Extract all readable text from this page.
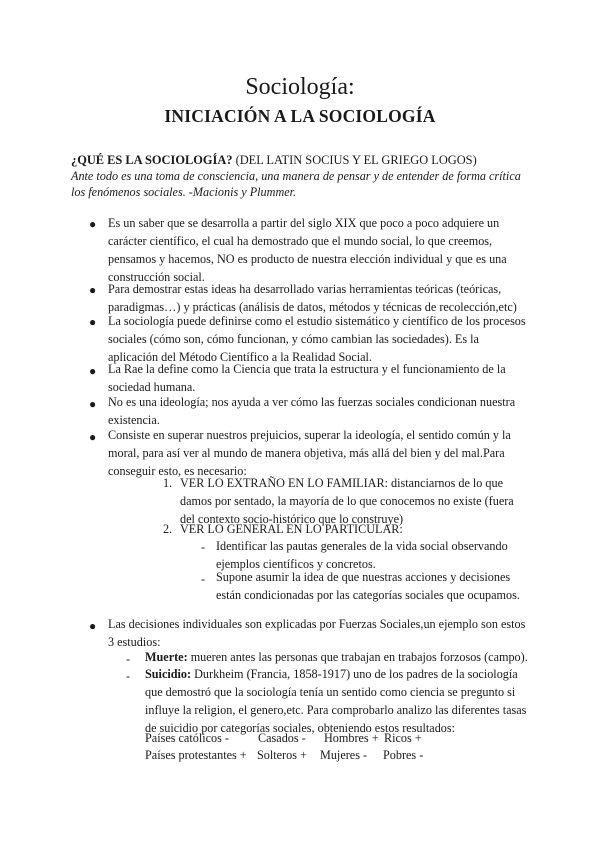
Sociología:
INICIACIÓN A LA SOCIOLOGÍA
¿QUÉ ES LA SOCIOLOGÍA? (DEL LATIN SOCIUS Y EL GRIEGO LOGOS)
Ante todo es una toma de consciencia, una manera de pensar y de entender de forma crítica
los fenómenos sociales. -Macionis y Plummer.
● Es un saber que se desarrolla a partir del siglo XIX que poco a poco adquiere un
carácter científico, el cual ha demostrado que el mundo social, lo que creemos,
pensamos y hacemos, NO es producto de nuestra elección individual y que es una
construcción social.
● Para demostrar estas ideas ha desarrollado varias herramientas teóricas (teóricas,
paradigmas…) y prácticas (análisis de datos, métodos y técnicas de recolección,etc)
● La sociología puede definirse como el estudio sistemático y científico de los procesos
sociales (cómo son, cómo funcionan, y cómo cambian las sociedades). Es la
aplicación del Método Científico a la Realidad Social.
● La Rae la define como la Ciencia que trata la estructura y el funcionamiento de la
sociedad humana.
● No es una ideología; nos ayuda a ver cómo las fuerzas sociales condicionan nuestra
existencia.
● Consiste en superar nuestros prejuicios, superar la ideología, el sentido común y la
moral, para así ver al mundo de manera objetiva, más allá del bien y del mal.Para
conseguir esto, es necesario:
1. VER LO EXTRAÑO EN LO FAMILIAR: distanciarnos de lo que
damos por sentado, la mayoría de lo que conocemos no existe (fuera
del contexto socio-histórico que lo construye)
2. VER LO GENERAL EN LO PARTICULAR:
- Identificar las pautas generales de la vida social observando
ejemplos científicos y concretos.
- Supone asumir la idea de que nuestras acciones y decisiones
están condicionadas por las categorías sociales que ocupamos.
● Las decisiones individuales son explicadas por Fuerzas Sociales,un ejemplo son estos
3 estudios:
- Muerte: mueren antes las personas que trabajan en trabajos forzosos (campo).
- Suicidio: Durkheim (Francia, 1858-1917) uno de los padres de la sociología
que demostró que la sociología tenía un sentido como ciencia se pregunto si
influye la religion, el genero,etc. Para comprobarlo analizo las diferentes tasas
de suicidio por categorías sociales, obteniendo estos resultados:
Países católicos - Casados - Hombres + Ricos +
Países protestantes + Solteros + Mujeres - Pobres -
